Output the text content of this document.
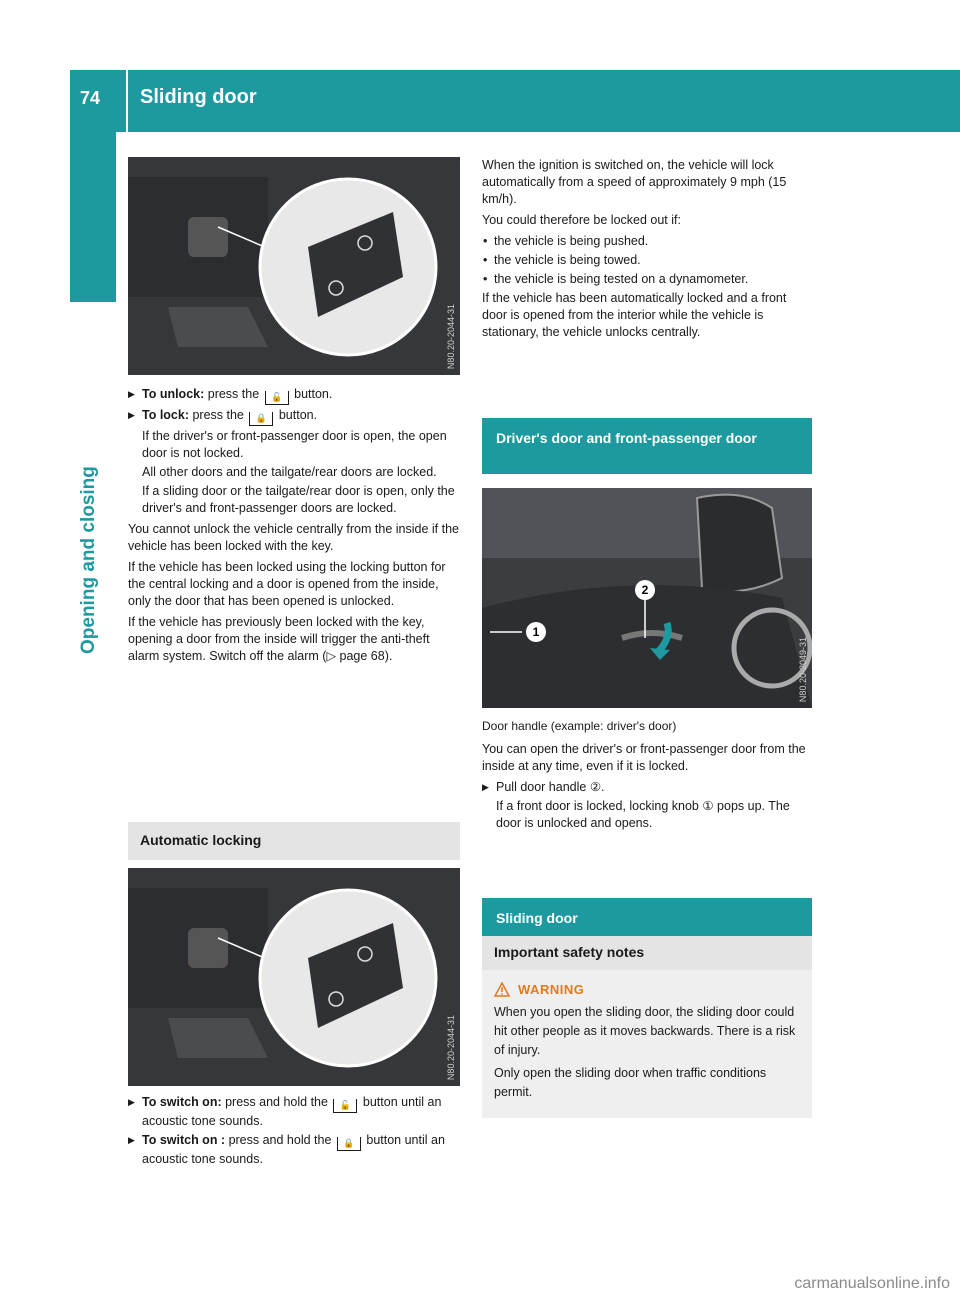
74 Sliding door
Opening and closing
N80.20-2044-31
▶ To unlock: press the 🔓 button.
▶ To lock: press the 🔒 button.

If the driver's or front-passenger door is open, the open door is not locked.

All other doors and the tailgate/rear doors are locked.

If a sliding door or the tailgate/rear door is open, only the driver's and front-passenger doors are locked.

You cannot unlock the vehicle centrally from the inside if the vehicle has been locked with the key.

If the vehicle has been locked using the locking button for the central locking and a door is opened from the inside, only the door that has been opened is unlocked.

If the vehicle has previously been locked with the key, opening a door from the inside will trigger the anti-theft alarm system. Switch off the alarm (▷ page 68).

Automatic locking
N80.20-2044-31
▶ To switch on: press and hold the 🔓 button until an acoustic tone sounds.
▶ To switch on : press and hold the 🔒 button until an acoustic tone sounds.

When the ignition is switched on, the vehicle will lock automatically from a speed of approximately 9 mph (15 km/h).

You could therefore be locked out if:

• the vehicle is being pushed.
• the vehicle is being towed.
• the vehicle is being tested on a dynamometer.

If the vehicle has been automatically locked and a front door is opened from the interior while the vehicle is stationary, the vehicle unlocks centrally.

Driver's door and front-passenger door
1
2
N80.20-2049-31

Door handle (example: driver's door)

You can open the driver's or front-passenger door from the inside at any time, even if it is locked.

▶ Pull door handle ②.

If a front door is locked, locking knob ① pops up. The door is unlocked and opens.

Sliding door
Important safety notes
WARNING

When you open the sliding door, the sliding door could hit other people as it moves backwards. There is a risk of injury.

Only open the sliding door when traffic conditions permit.

carmanualsonline.info
